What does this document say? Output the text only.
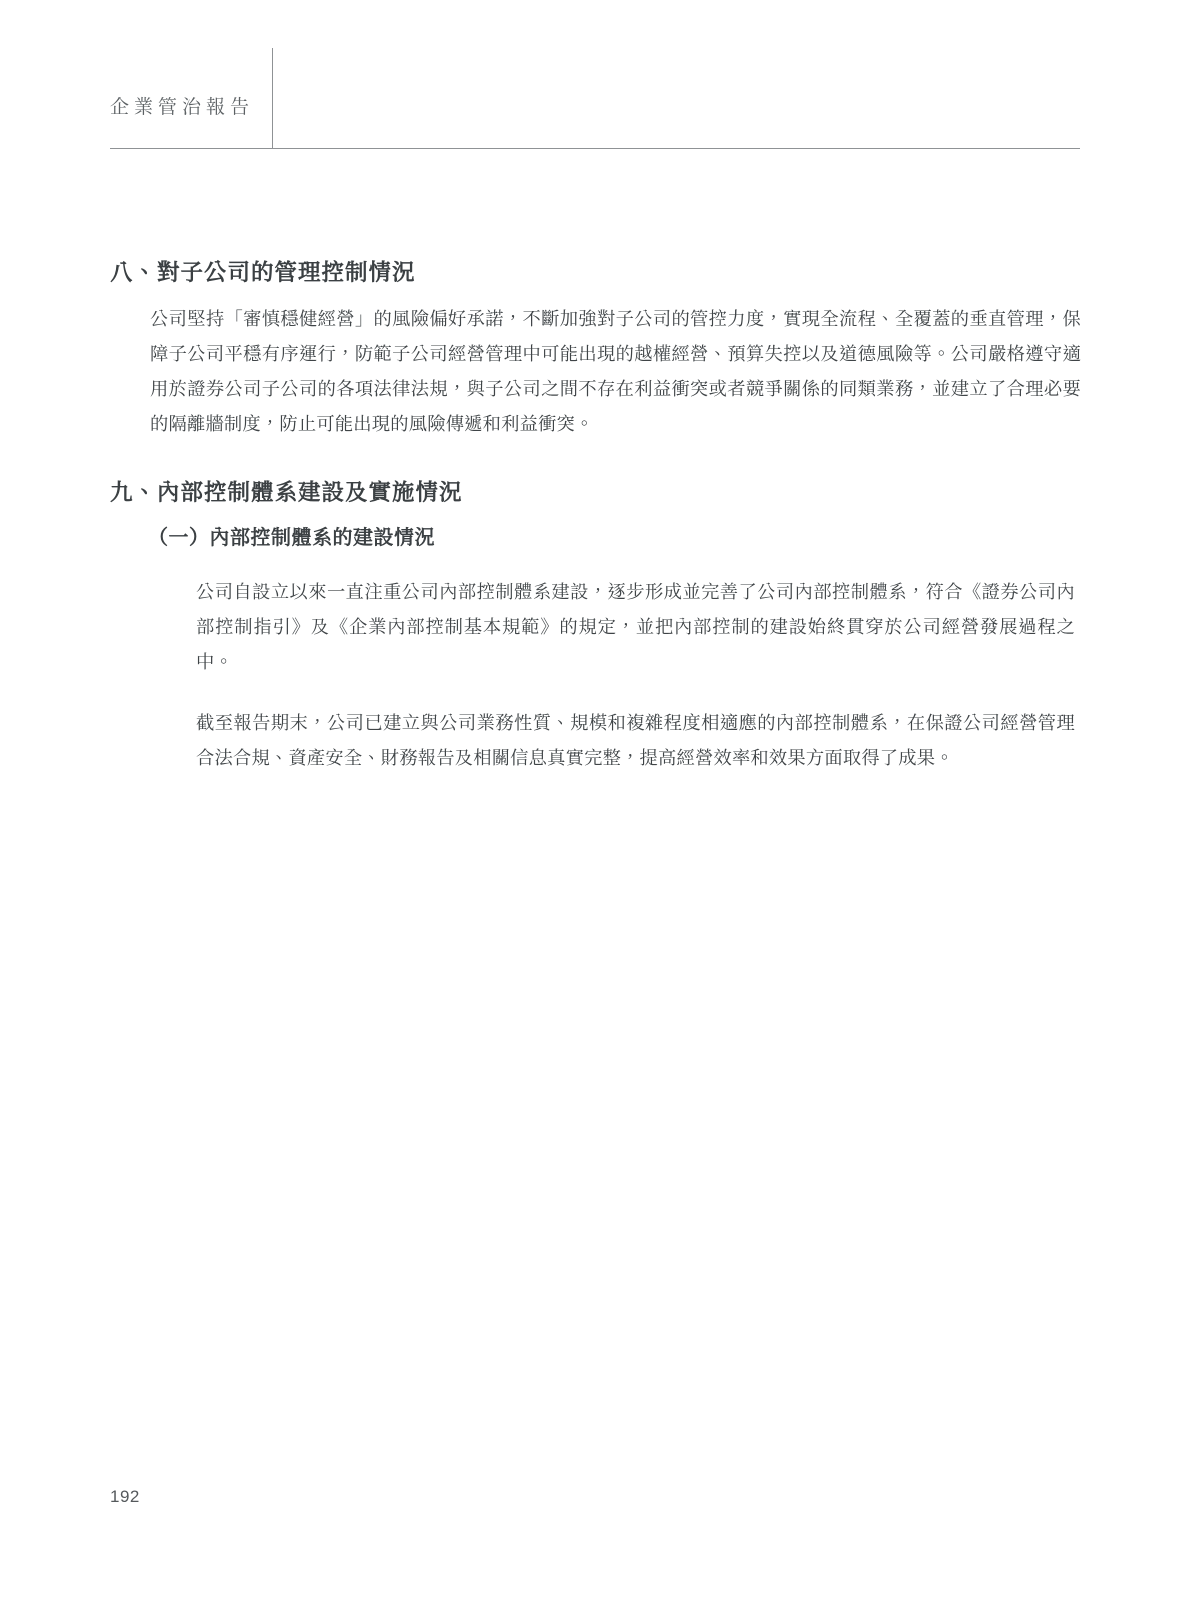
企業管治報告
八、對子公司的管理控制情況

公司堅持「審慎穩健經營」的風險偏好承諾，不斷加強對子公司的管控力度，實現全流程、全覆蓋的垂直管理，保障子公司平穩有序運行，防範子公司經營管理中可能出現的越權經營、預算失控以及道德風險等。公司嚴格遵守適用於證券公司子公司的各項法律法規，與子公司之間不存在利益衝突或者競爭關係的同類業務，並建立了合理必要的隔離牆制度，防止可能出現的風險傳遞和利益衝突。

九、內部控制體系建設及實施情況
（一）內部控制體系的建設情況

公司自設立以來一直注重公司內部控制體系建設，逐步形成並完善了公司內部控制體系，符合《證券公司內部控制指引》及《企業內部控制基本規範》的規定，並把內部控制的建設始終貫穿於公司經營發展過程之中。

截至報告期末，公司已建立與公司業務性質、規模和複雜程度相適應的內部控制體系，在保證公司經營管理合法合規、資產安全、財務報告及相關信息真實完整，提高經營效率和效果方面取得了成果。

192
